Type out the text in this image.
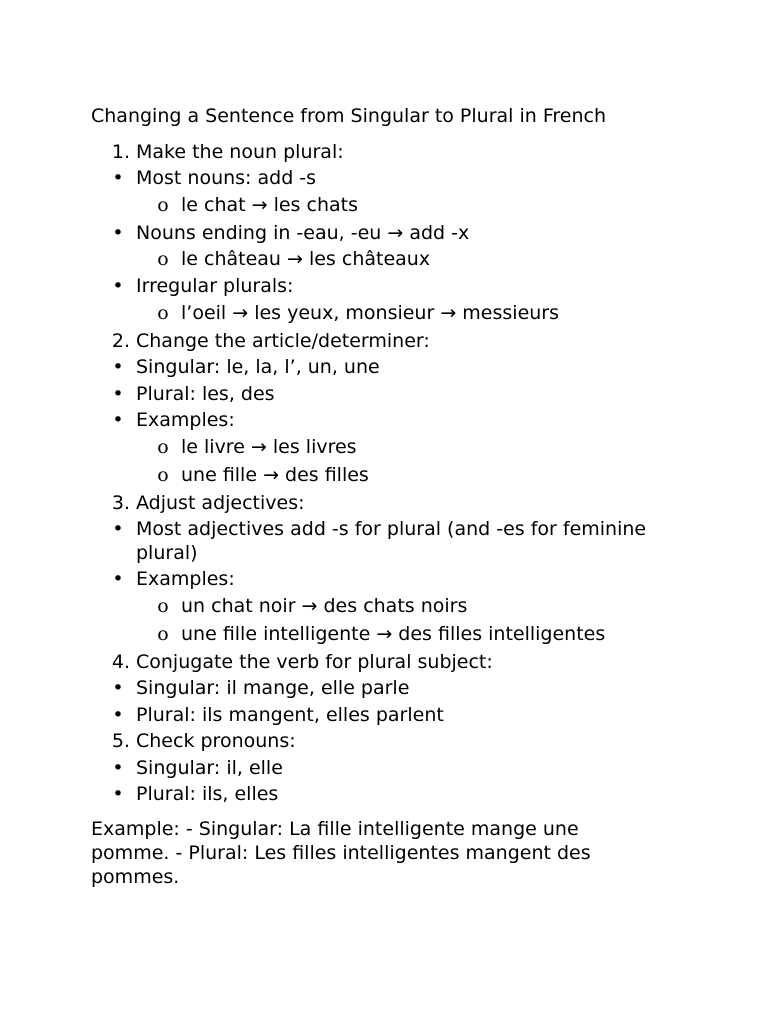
Changing a Sentence from Singular to Plural in French
1. Make the noun plural:
• Most nouns: add -s
o le chat → les chats
• Nouns ending in -eau, -eu → add -x
o le château → les châteaux
• Irregular plurals:
o l’oeil → les yeux, monsieur → messieurs
2. Change the article/determiner:
• Singular: le, la, l’, un, une
• Plural: les, des
• Examples:
o le livre → les livres
o une fille → des filles
3. Adjust adjectives:
• Most adjectives add -s for plural (and -es for feminine
plural)
• Examples:
o un chat noir → des chats noirs
o une fille intelligente → des filles intelligentes
4. Conjugate the verb for plural subject:
• Singular: il mange, elle parle
• Plural: ils mangent, elles parlent
5. Check pronouns:
• Singular: il, elle
• Plural: ils, elles
Example: - Singular: La fille intelligente mange une pomme. - Plural: Les filles intelligentes mangent des pommes.
